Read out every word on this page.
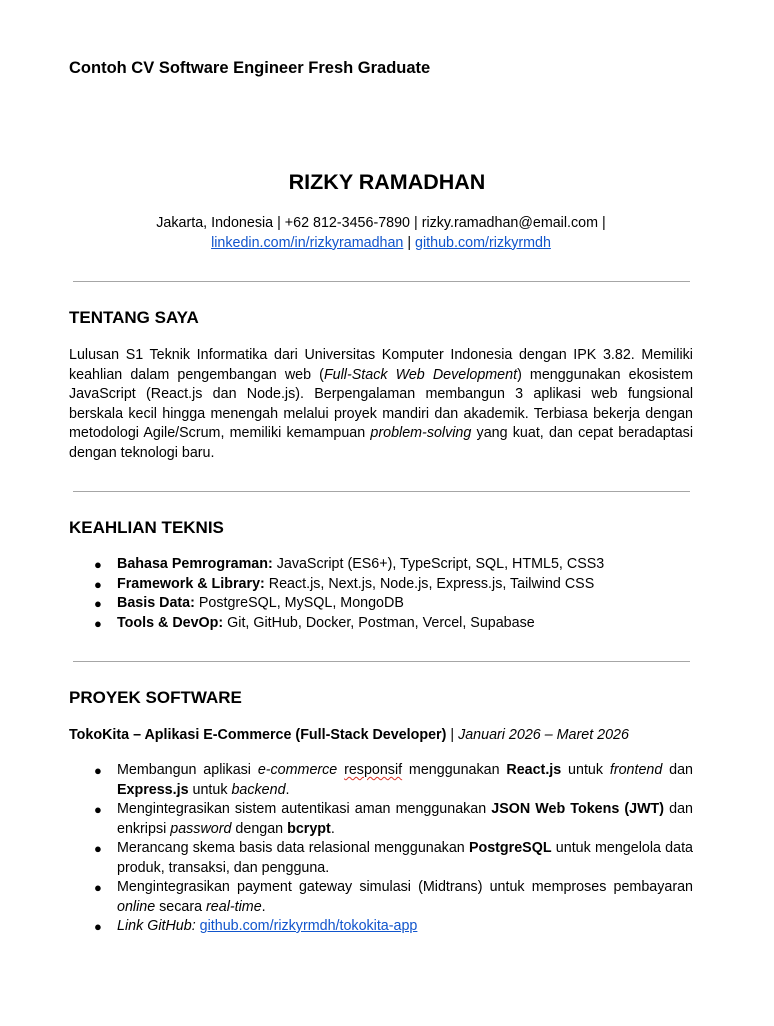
Contoh CV Software Engineer Fresh Graduate
RIZKY RAMADHAN
Jakarta, Indonesia | +62 812-3456-7890 | rizky.ramadhan@email.com |
linkedin.com/in/rizkyramadhan | github.com/rizkyrmdh
TENTANG SAYA
Lulusan S1 Teknik Informatika dari Universitas Komputer Indonesia dengan IPK 3.82. Memiliki keahlian dalam pengembangan web (Full-Stack Web Development) menggunakan ekosistem JavaScript (React.js dan Node.js). Berpengalaman membangun 3 aplikasi web fungsional berskala kecil hingga menengah melalui proyek mandiri dan akademik. Terbiasa bekerja dengan metodologi Agile/Scrum, memiliki kemampuan problem-solving yang kuat, dan cepat beradaptasi dengan teknologi baru.
KEAHLIAN TEKNIS
● Bahasa Pemrograman: JavaScript (ES6+), TypeScript, SQL, HTML5, CSS3
● Framework & Library: React.js, Next.js, Node.js, Express.js, Tailwind CSS
● Basis Data: PostgreSQL, MySQL, MongoDB
● Tools & DevOp: Git, GitHub, Docker, Postman, Vercel, Supabase
PROYEK SOFTWARE
TokoKita – Aplikasi E-Commerce (Full-Stack Developer) | Januari 2026 – Maret 2026
● Membangun aplikasi e-commerce responsif menggunakan React.js untuk frontend dan Express.js untuk backend.
● Mengintegrasikan sistem autentikasi aman menggunakan JSON Web Tokens (JWT) dan enkripsi password dengan bcrypt.
● Merancang skema basis data relasional menggunakan PostgreSQL untuk mengelola data produk, transaksi, dan pengguna.
● Mengintegrasikan payment gateway simulasi (Midtrans) untuk memproses pembayaran online secara real-time.
● Link GitHub: github.com/rizkyrmdh/tokokita-app
